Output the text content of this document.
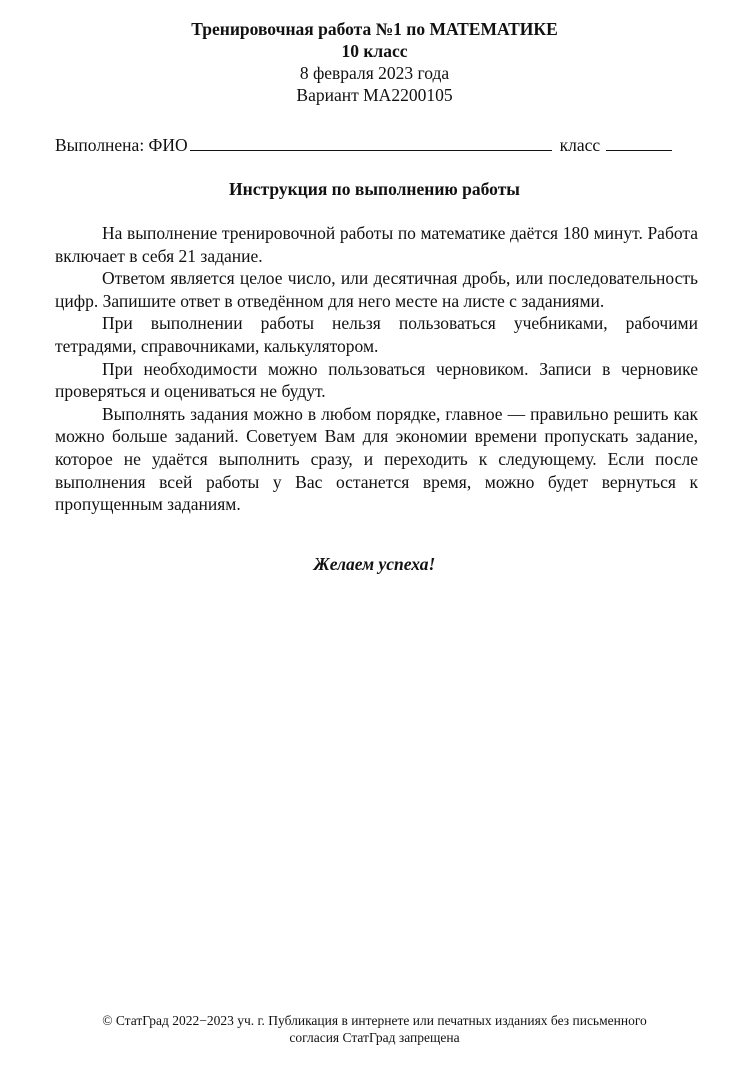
Тренировочная работа №1 по МАТЕМАТИКЕ
10 класс
8 февраля 2023 года
Вариант МА2200105
Выполнена: ФИО	класс
Инструкция по выполнению работы

На выполнение тренировочной работы по математике даётся 180 минут. Работа включает в себя 21 задание.

Ответом является целое число, или десятичная дробь, или последовательность цифр. Запишите ответ в отведённом для него месте на листе с заданиями.

При выполнении работы нельзя пользоваться учебниками, рабочими тетрадями, справочниками, калькулятором.

При необходимости можно пользоваться черновиком. Записи в черновике проверяться и оцениваться не будут.

Выполнять задания можно в любом порядке, главное — правильно решить как можно больше заданий. Советуем Вам для экономии времени пропускать задание, которое не удаётся выполнить сразу, и переходить к следующему. Если после выполнения всей работы у Вас останется время, можно будет вернуться к пропущенным заданиям.

Желаем успеха!
© СтатГрад 2022−2023 уч. г. Публикация в интернете или печатных изданиях без письменного
согласия СтатГрад запрещена
